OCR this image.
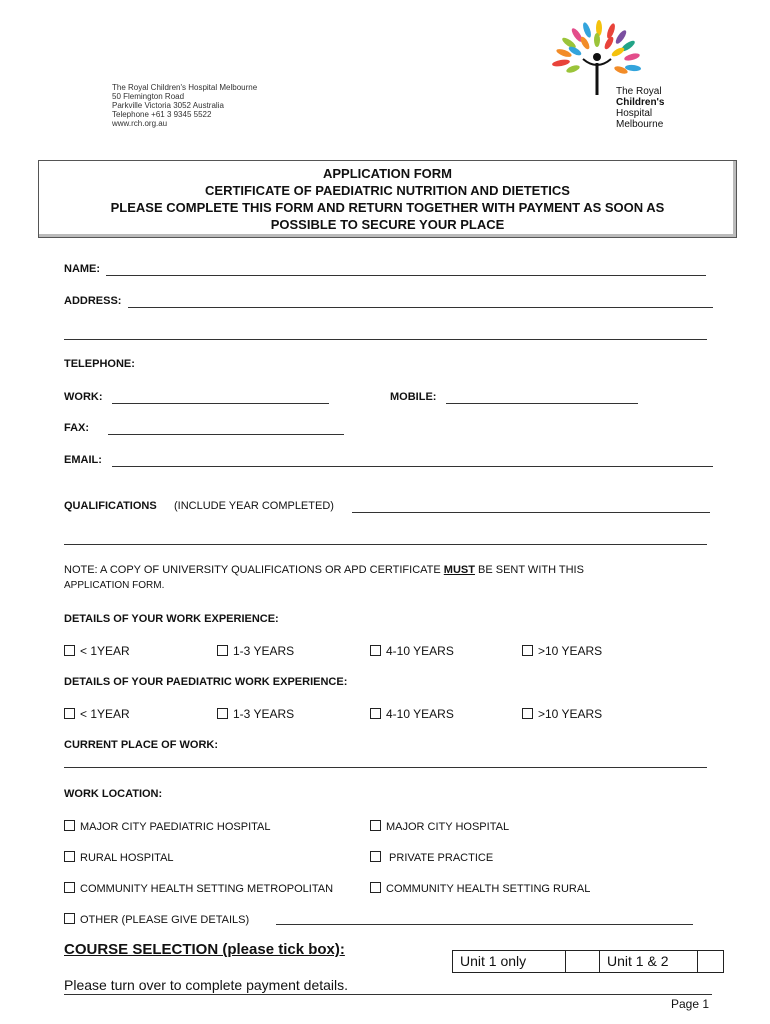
The Royal Children's Hospital Melbourne
50 Flemington Road
Parkville Victoria 3052 Australia
Telephone +61 3 9345 5522
www.rch.org.au
The Royal
Children's
Hospital
Melbourne
APPLICATION FORM
CERTIFICATE OF PAEDIATRIC NUTRITION AND DIETETICS
PLEASE COMPLETE THIS FORM AND RETURN TOGETHER WITH PAYMENT AS SOON AS
POSSIBLE TO SECURE YOUR PLACE
NAME:
ADDRESS:
TELEPHONE:
WORK:	MOBILE:
FAX:
EMAIL:
QUALIFICATIONS (INCLUDE YEAR COMPLETED)
NOTE: A COPY OF UNIVERSITY QUALIFICATIONS OR APD CERTIFICATE MUST BE SENT WITH THIS
APPLICATION FORM.
DETAILS OF YOUR WORK EXPERIENCE:
< 1YEAR	1-3 YEARS	4-10 YEARS	>10 YEARS
DETAILS OF YOUR PAEDIATRIC WORK EXPERIENCE:
< 1YEAR	1-3 YEARS	4-10 YEARS	>10 YEARS
CURRENT PLACE OF WORK:
WORK LOCATION:
MAJOR CITY PAEDIATRIC HOSPITAL	MAJOR CITY HOSPITAL
RURAL HOSPITAL	PRIVATE PRACTICE
COMMUNITY HEALTH SETTING METROPOLITAN	COMMUNITY HEALTH SETTING RURAL
OTHER (PLEASE GIVE DETAILS)
COURSE SELECTION (please tick box):
Unit 1 only	Unit 1 & 2
Please turn over to complete payment details.
Page 1
